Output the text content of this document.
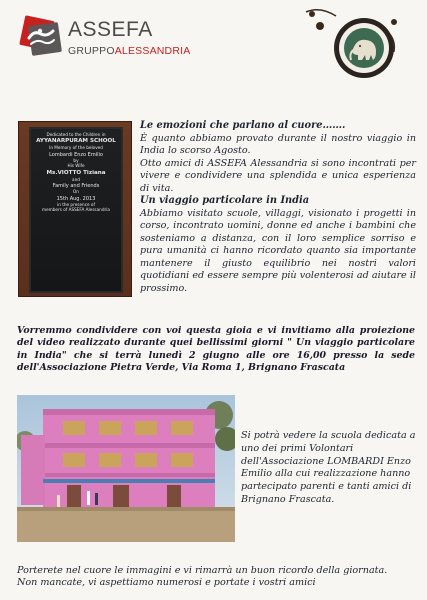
ASSEFA
GRUPPOALESSANDRIA
Dedicated to the Children in
AYYANARPURAM SCHOOL
In Memory of the beloved
Lombardi Enzo Emilio
by
His Wife
Ms.VIOTTO Tiziana
and
Family and Friends
On
15th Aug. 2013
in the presence of
members of ASSEFA Alessandria

Le emozioni che parlano al cuore…….

È quanto abbiamo provato durante il nostro viaggio in India lo scorso Agosto.

Otto amici di ASSEFA Alessandria si sono incontrati per vivere e condividere una splendida e unica esperienza di vita.

Un viaggio particolare in India

Abbiamo visitato scuole, villaggi, visionato i progetti in corso, incontrato uomini, donne ed anche i bambini che sosteniamo a distanza, con il loro semplice sorriso e pura umanità ci hanno ricordato quanto sia importante mantenere il giusto equilibrio nei nostri valori quotidiani ed essere sempre più volenterosi ad aiutare il prossimo.

Vorremmo condividere con voi questa gioia e vi invitiamo alla proiezione del video realizzato durante quei bellissimi giorni " Un viaggio particolare in India" che si terrà lunedì 2 giugno alle ore 16,00 presso la sede dell'Associazione Pietra Verde, Via Roma 1, Brignano Frascata
Si potrà vedere la scuola dedicata a uno dei primi Volontari dell'Associazione LOMBARDI Enzo Emilio alla cui realizzazione hanno partecipato parenti e tanti amici di Brignano Frascata.

Porterete nel cuore le immagini e vi rimarrà un buon ricordo della giornata.

Non mancate, vi aspettiamo numerosi e portate i vostri amici
